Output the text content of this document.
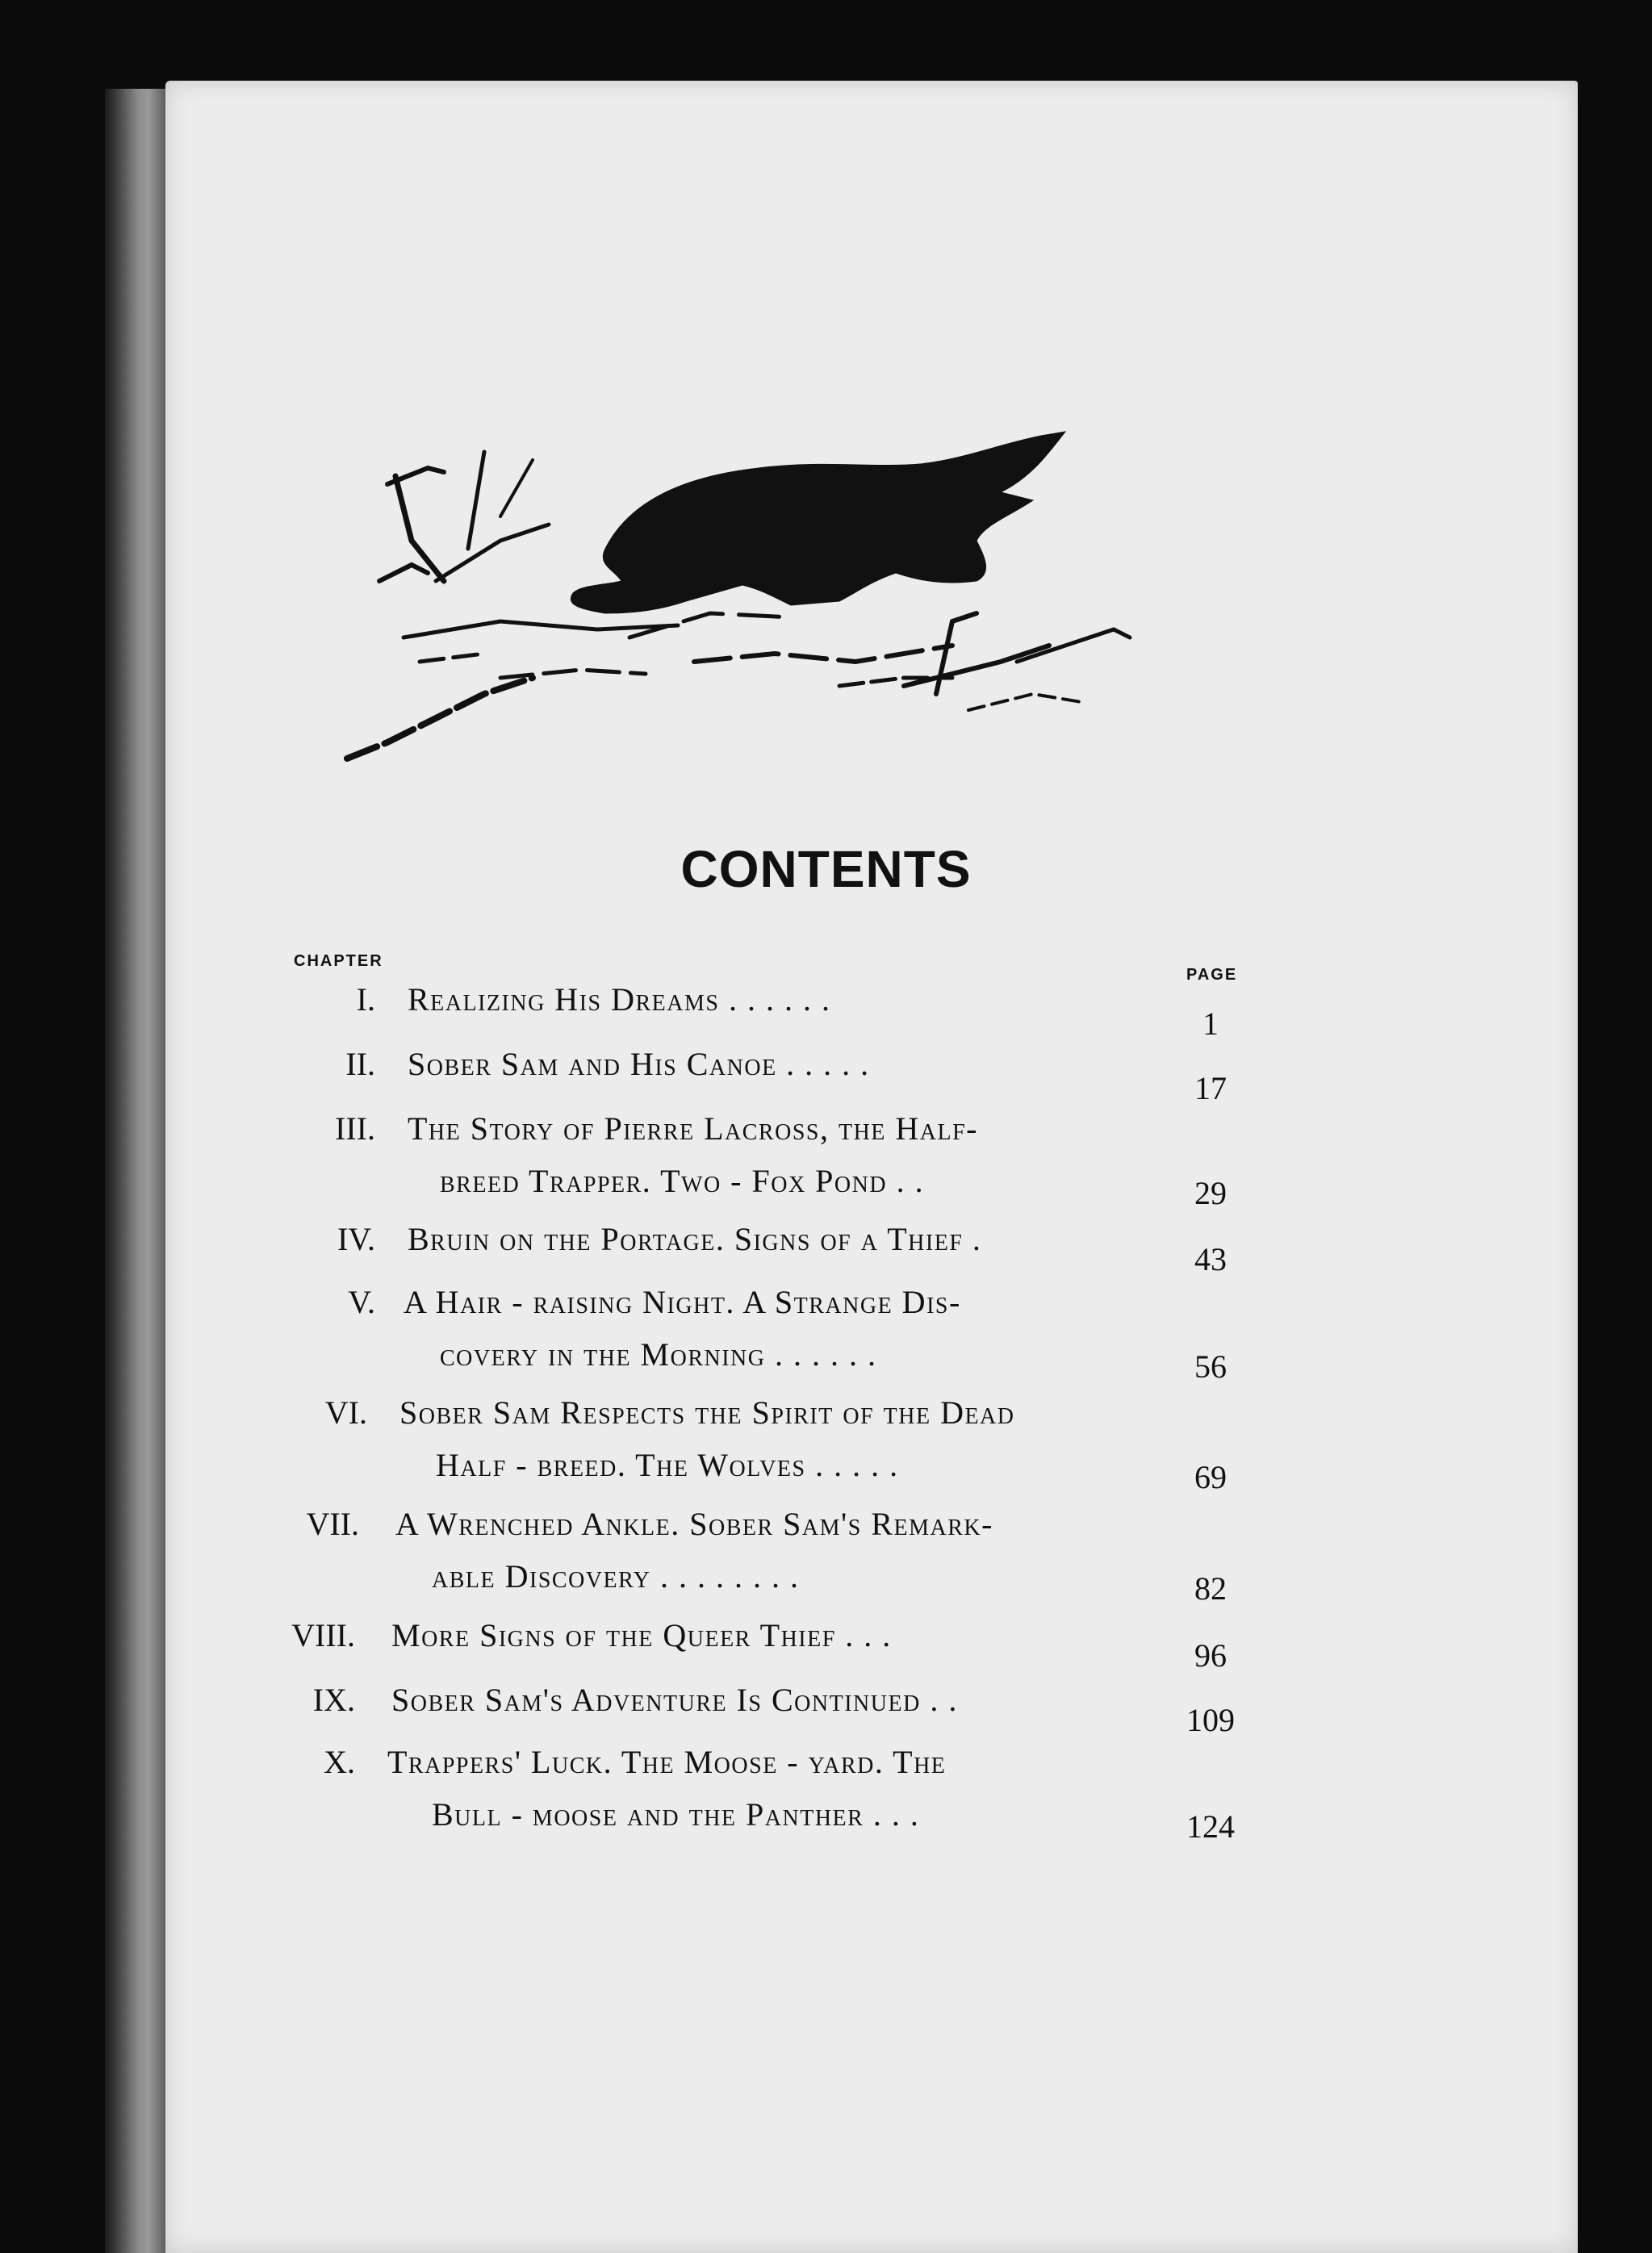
CONTENTS
CHAPTER
PAGE
I. Realizing His Dreams . . . . . .
1
II. Sober Sam and His Canoe . . . . .
17
III. The Story of Pierre Lacross, the Half-
breed Trapper. Two - Fox Pond . .	29
IV. Bruin on the Portage. Signs of a Thief .
43
V. A Hair - raising Night. A Strange Dis-
covery in the Morning . . . . . .	56
VI. Sober Sam Respects the Spirit of the Dead
Half - breed. The Wolves . . . . .	69
VII. A Wrenched Ankle. Sober Sam's Remark-
able Discovery . . . . . . . .	82
VIII. More Signs of the Queer Thief . . .
96
IX. Sober Sam's Adventure Is Continued . .
109
X. Trappers' Luck. The Moose - yard. The
Bull - moose and the Panther . . .	124
